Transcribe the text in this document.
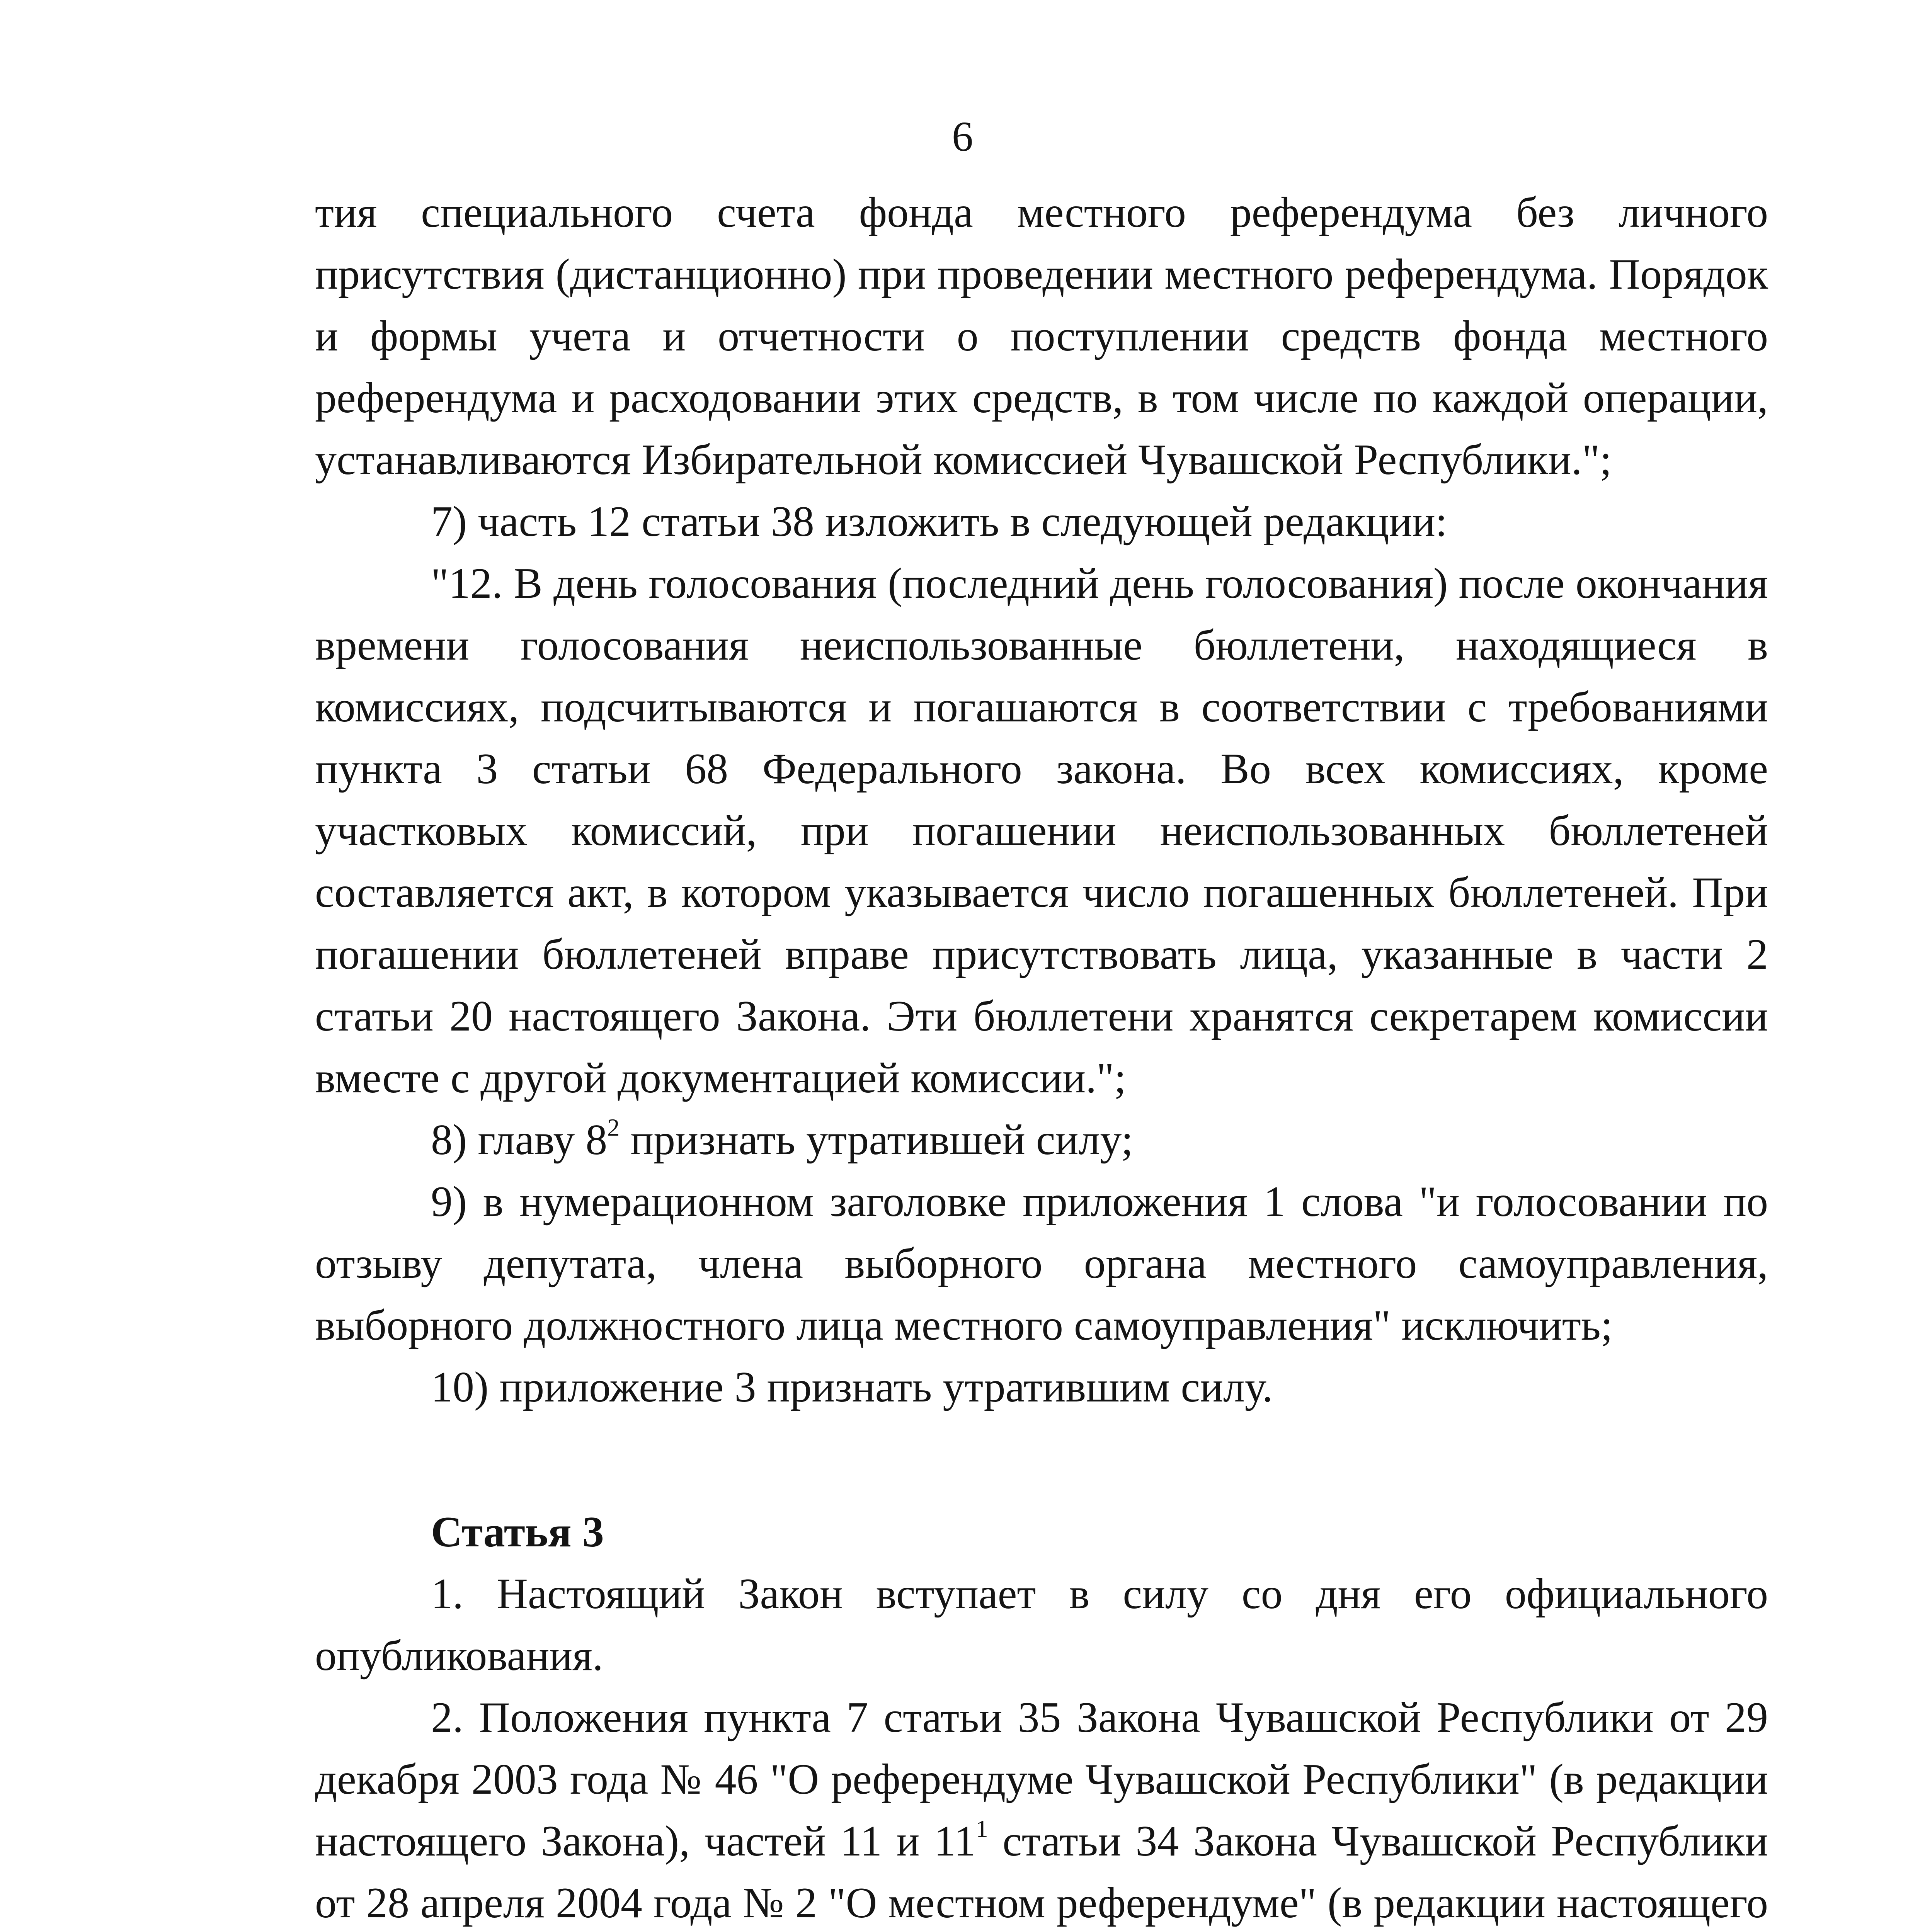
6

тия специального счета фонда местного референдума без личного присутствия (дистанционно) при проведении местного референдума. Порядок и формы учета и отчетности о поступлении средств фонда местного референдума и расходовании этих средств, в том числе по каждой операции, устанавливаются Избирательной комиссией Чувашской Республики.";

7) часть 12 статьи 38 изложить в следующей редакции:

"12. В день голосования (последний день голосования) после окончания времени голосования неиспользованные бюллетени, находящиеся в комиссиях, подсчитываются и погашаются в соответствии с требованиями пункта 3 статьи 68 Федерального закона. Во всех комиссиях, кроме участковых комиссий, при погашении неиспользованных бюллетеней составляется акт, в котором указывается число погашенных бюллетеней. При погашении бюллетеней вправе присутствовать лица, указанные в части 2 статьи 20 настоящего Закона. Эти бюллетени хранятся секретарем комиссии вместе с другой документацией комиссии.";

8) главу $8^2$ признать утратившей силу;

9) в нумерационном заголовке приложения 1 слова "и голосовании по отзыву депутата, члена выборного органа местного самоуправления, выборного должностного лица местного самоуправления" исключить;

10) приложение 3 признать утратившим силу.

Статья 3

1. Настоящий Закон вступает в силу со дня его официального опубликования.

2. Положения пункта 7 статьи 35 Закона Чувашской Республики от 29 декабря 2003 года № 46 "О референдуме Чувашской Республики" (в редакции настоящего Закона), частей 11 и $11^1$ статьи 34 Закона Чувашской Республики от 28 апреля 2004 года № 2 "О местном референдуме" (в редакции настоящего
